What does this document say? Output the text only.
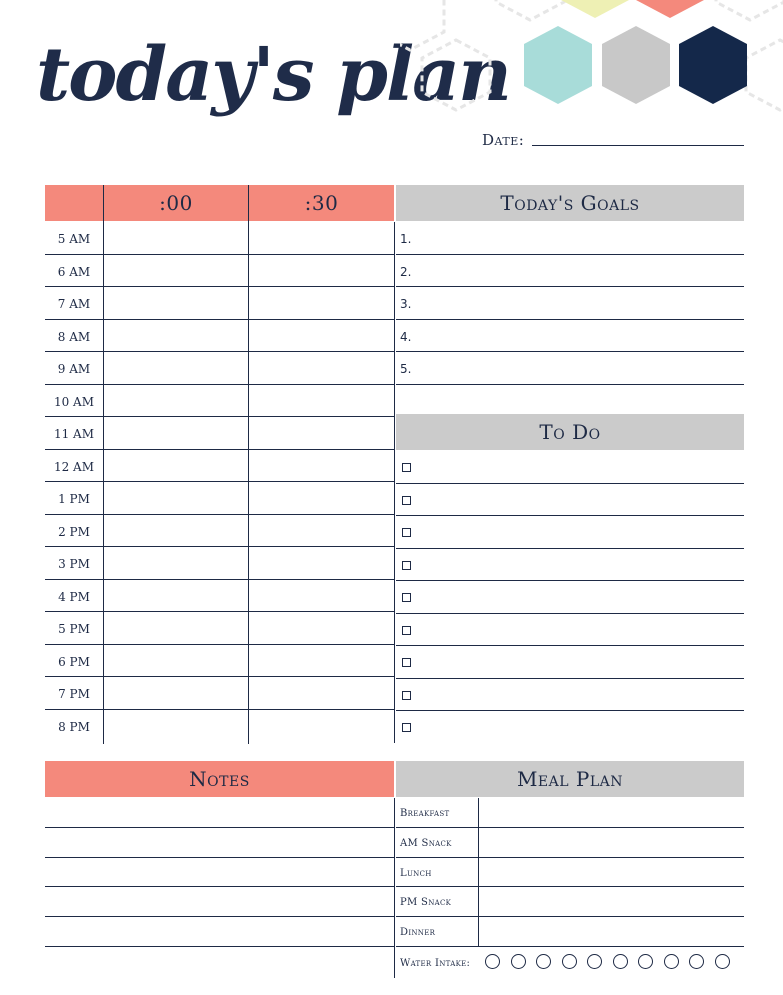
today's plan
Date:
:00	:30	Today's Goals
5 AM
6 AM
7 AM
8 AM
9 AM
10 AM
11 AM
12 AM
1 PM
2 PM
3 PM
4 PM
5 PM
6 PM
7 PM
8 PM
1.
2.
3.
4.
5.
To Do
Notes	Meal Plan
Breakfast
AM Snack
Lunch
PM Snack
Dinner
Water Intake:
